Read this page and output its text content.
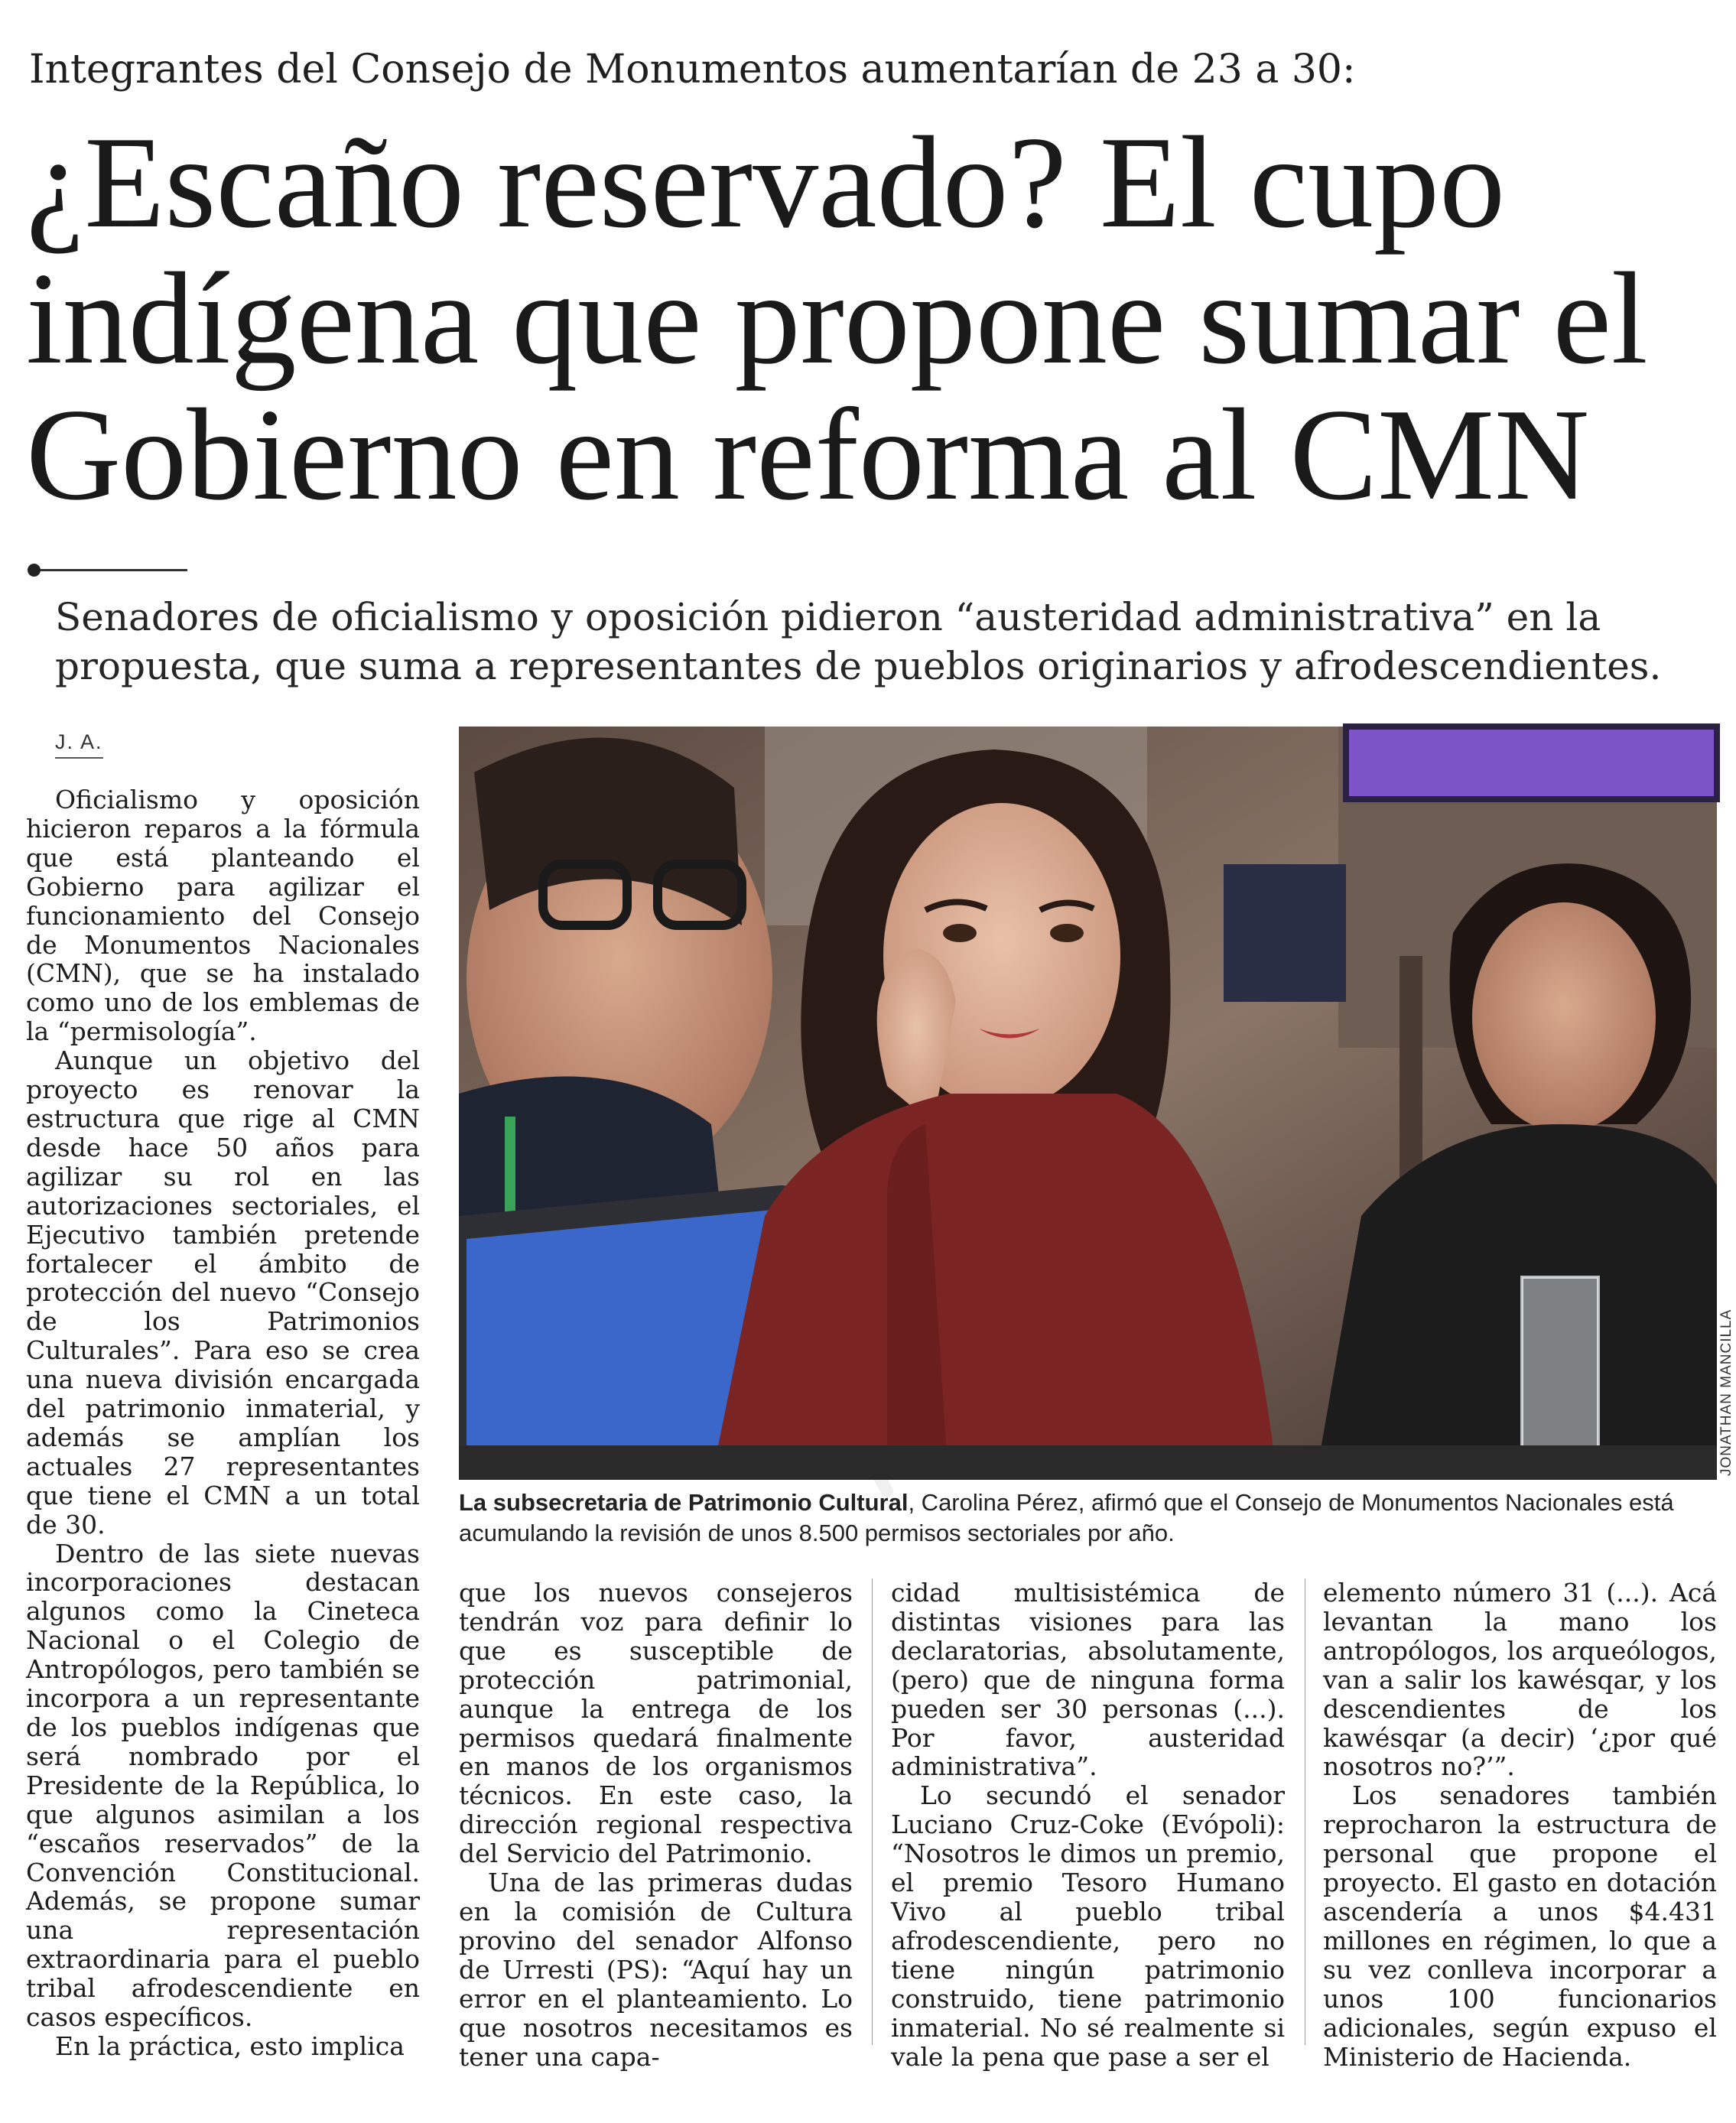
Integrantes del Consejo de Monumentos aumentarían de 23 a 30:
¿Escaño reservado? El cupo
indígena que propone sumar el
Gobierno en reforma al CMN

Senadores de oficialismo y oposición pidieron “austeridad administrativa” en la propuesta, que suma a representantes de pueblos originarios y afrodescendientes.

J. A.
JONATHAN MANCILLA
La subsecretaria de Patrimonio Cultural, Carolina Pérez, afirmó que el Consejo de Monumentos Nacionales está acumulando la revisión de unos 8.500 permisos sectoriales por año.

Oficialismo y oposición hicieron reparos a la fórmula que está planteando el Gobierno para agilizar el funcionamiento del Consejo de Monumentos Nacionales (CMN), que se ha instalado como uno de los emblemas de la “permisología”.

Aunque un objetivo del proyecto es renovar la estructura que rige al CMN desde hace 50 años para agilizar su rol en las autorizaciones sectoriales, el Ejecutivo también pretende fortalecer el ámbito de protección del nuevo “Consejo de los Patrimonios Culturales”. Para eso se crea una nueva división encargada del patrimonio inmaterial, y además se amplían los actuales 27 representantes que tiene el CMN a un total de 30.

Dentro de las siete nuevas incorporaciones destacan algunos como la Cineteca Nacional o el Colegio de Antropólogos, pero también se incorpora a un representante de los pueblos indígenas que será nombrado por el Presidente de la República, lo que algunos asimilan a los “escaños reservados” de la Convención Constitucional. Además, se propone sumar una representación extraordinaria para el pueblo tribal afrodescendiente en casos específicos.

En la práctica, esto implica

que los nuevos consejeros tendrán voz para definir lo que es susceptible de protección patrimonial, aunque la entrega de los permisos quedará finalmente en manos de los organismos técnicos. En este caso, la dirección regional respectiva del Servicio del Patrimonio.

Una de las primeras dudas en la comisión de Cultura provino del senador Alfonso de Urresti (PS): “Aquí hay un error en el planteamiento. Lo que nosotros necesitamos es tener una capa-

cidad multisistémica de distintas visiones para las declaratorias, absolutamente, (pero) que de ninguna forma pueden ser 30 personas (...). Por favor, austeridad administrativa”.

Lo secundó el senador Luciano Cruz-Coke (Evópoli): “Nosotros le dimos un premio, el premio Tesoro Humano Vivo al pueblo tribal afrodescendiente, pero no tiene ningún patrimonio construido, tiene patrimonio inmaterial. No sé realmente si vale la pena que pase a ser el

elemento número 31 (...). Acá levantan la mano los antropólogos, los arqueólogos, van a salir los kawésqar, y los descendientes de los kawésqar (a decir) ‘¿por qué nosotros no?’”.

Los senadores también reprocharon la estructura de personal que propone el proyecto. El gasto en dotación ascendería a unos $4.431 millones en régimen, lo que a su vez conlleva incorporar a unos 100 funcionarios adicionales, según expuso el Ministerio de Hacienda.
